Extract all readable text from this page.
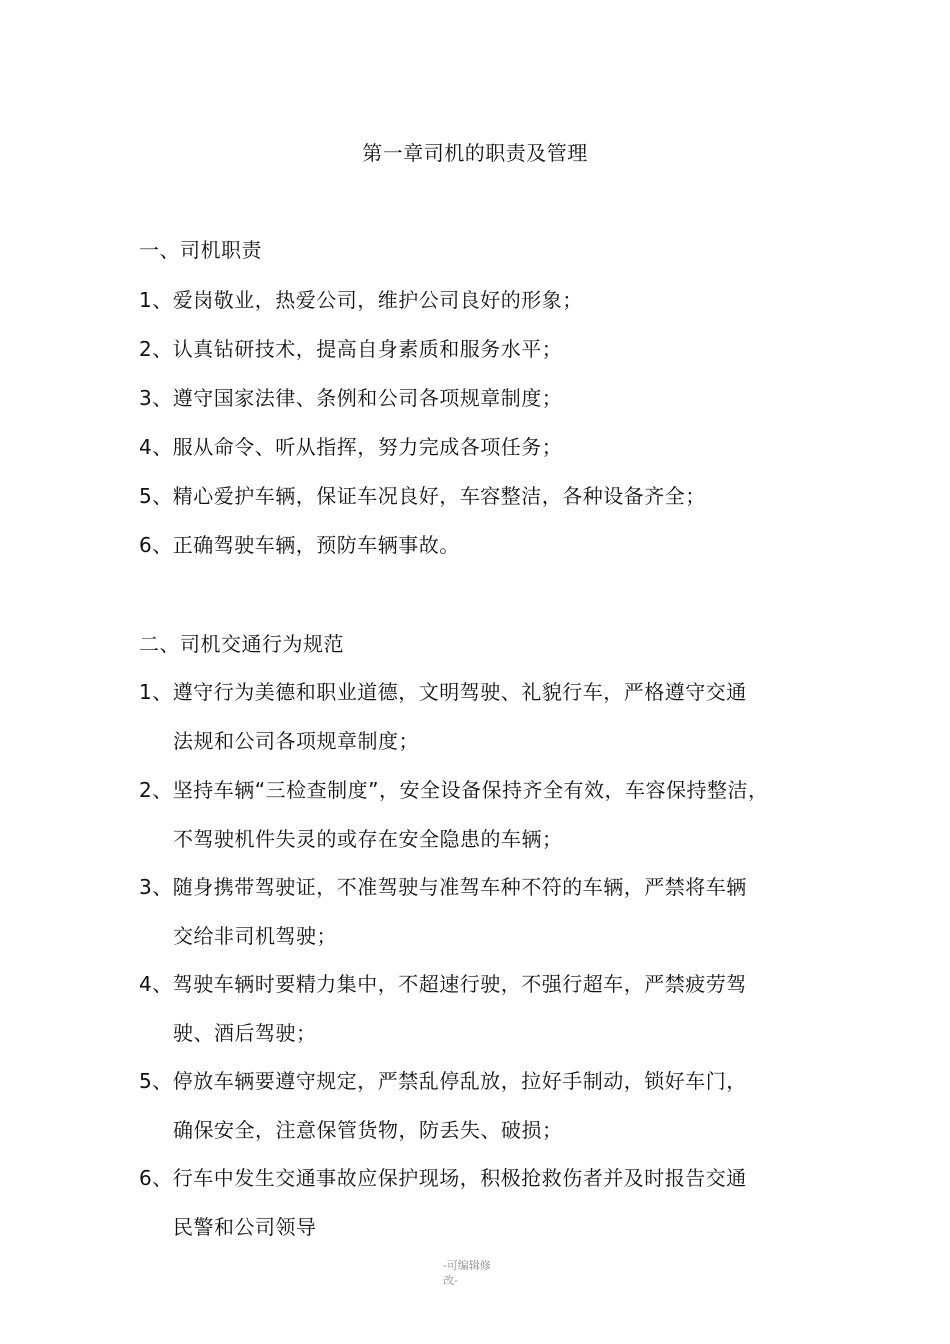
第一章司机的职责及管理
一、司机职责
1、爱岗敬业，热爱公司，维护公司良好的形象；
2、认真钻研技术，提高自身素质和服务水平；
3、遵守国家法律、条例和公司各项规章制度；
4、服从命令、听从指挥，努力完成各项任务；
5、精心爱护车辆，保证车况良好，车容整洁，各种设备齐全；
6、正确驾驶车辆，预防车辆事故。
二、司机交通行为规范
1、遵守行为美德和职业道德，文明驾驶、礼貌行车，严格遵守交通
法规和公司各项规章制度；
2、坚持车辆“三检查制度”，安全设备保持齐全有效，车容保持整洁，
不驾驶机件失灵的或存在安全隐患的车辆；
3、随身携带驾驶证，不准驾驶与准驾车种不符的车辆，严禁将车辆
交给非司机驾驶；
4、驾驶车辆时要精力集中，不超速行驶，不强行超车，严禁疲劳驾
驶、酒后驾驶；
5、停放车辆要遵守规定，严禁乱停乱放，拉好手制动，锁好车门，
确保安全，注意保管货物，防丢失、破损；
6、行车中发生交通事故应保护现场，积极抢救伤者并及时报告交通
民警和公司领导
-可编辑修
改-
